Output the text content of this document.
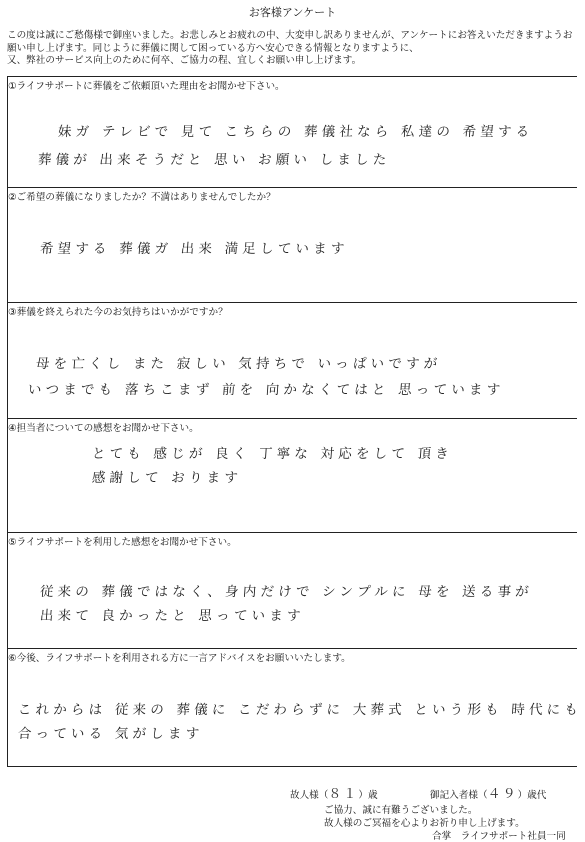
お客様アンケート
この度は誠にご愁傷様で御座いました。お悲しみとお疲れの中、大変申し訳ありませんが、アンケートにお答えいただきますようお願い申し上げます。同じように葬儀に関して困っている方へ安心できる情報となりますように、
又、弊社のサービス向上のために何卒、ご協力の程、宜しくお願い申し上げます。
①ライフサポートに葬儀をご依頼頂いた理由をお聞かせ下さい。
妹ガ テレビで 見て こちらの 葬儀社なら 私達の 希望する
葬儀が 出来そうだと 思い お願い しました
②ご希望の葬儀になりましたか？不満はありませんでしたか？
希望する 葬儀ガ 出来 満足しています
③葬儀を終えられた今のお気持ちはいかがですか？
母を亡くし また 寂しい 気持ちで いっぱいですが
いつまでも 落ちこまず 前を 向かなくてはと 思っています
④担当者についての感想をお聞かせ下さい。
とても 感じが 良く 丁寧な 対応をして 頂き
感謝して おります
⑤ライフサポートを利用した感想をお聞かせ下さい。
従来の 葬儀ではなく、身内だけで シンプルに 母を 送る事が
出来て 良かったと 思っています
⑥今後、ライフサポートを利用される方に一言アドバイスをお願いいたします。
これからは 従来の 葬儀に こだわらずに 大葬式 という形も 時代にも
合っている 気がします
故人様（８１）歳	御記入者様（４９）歳代
ご協力、誠に有難うございました。
故人様のご冥福を心よりお祈り申し上げます。
合掌　ライフサポート社員一同
